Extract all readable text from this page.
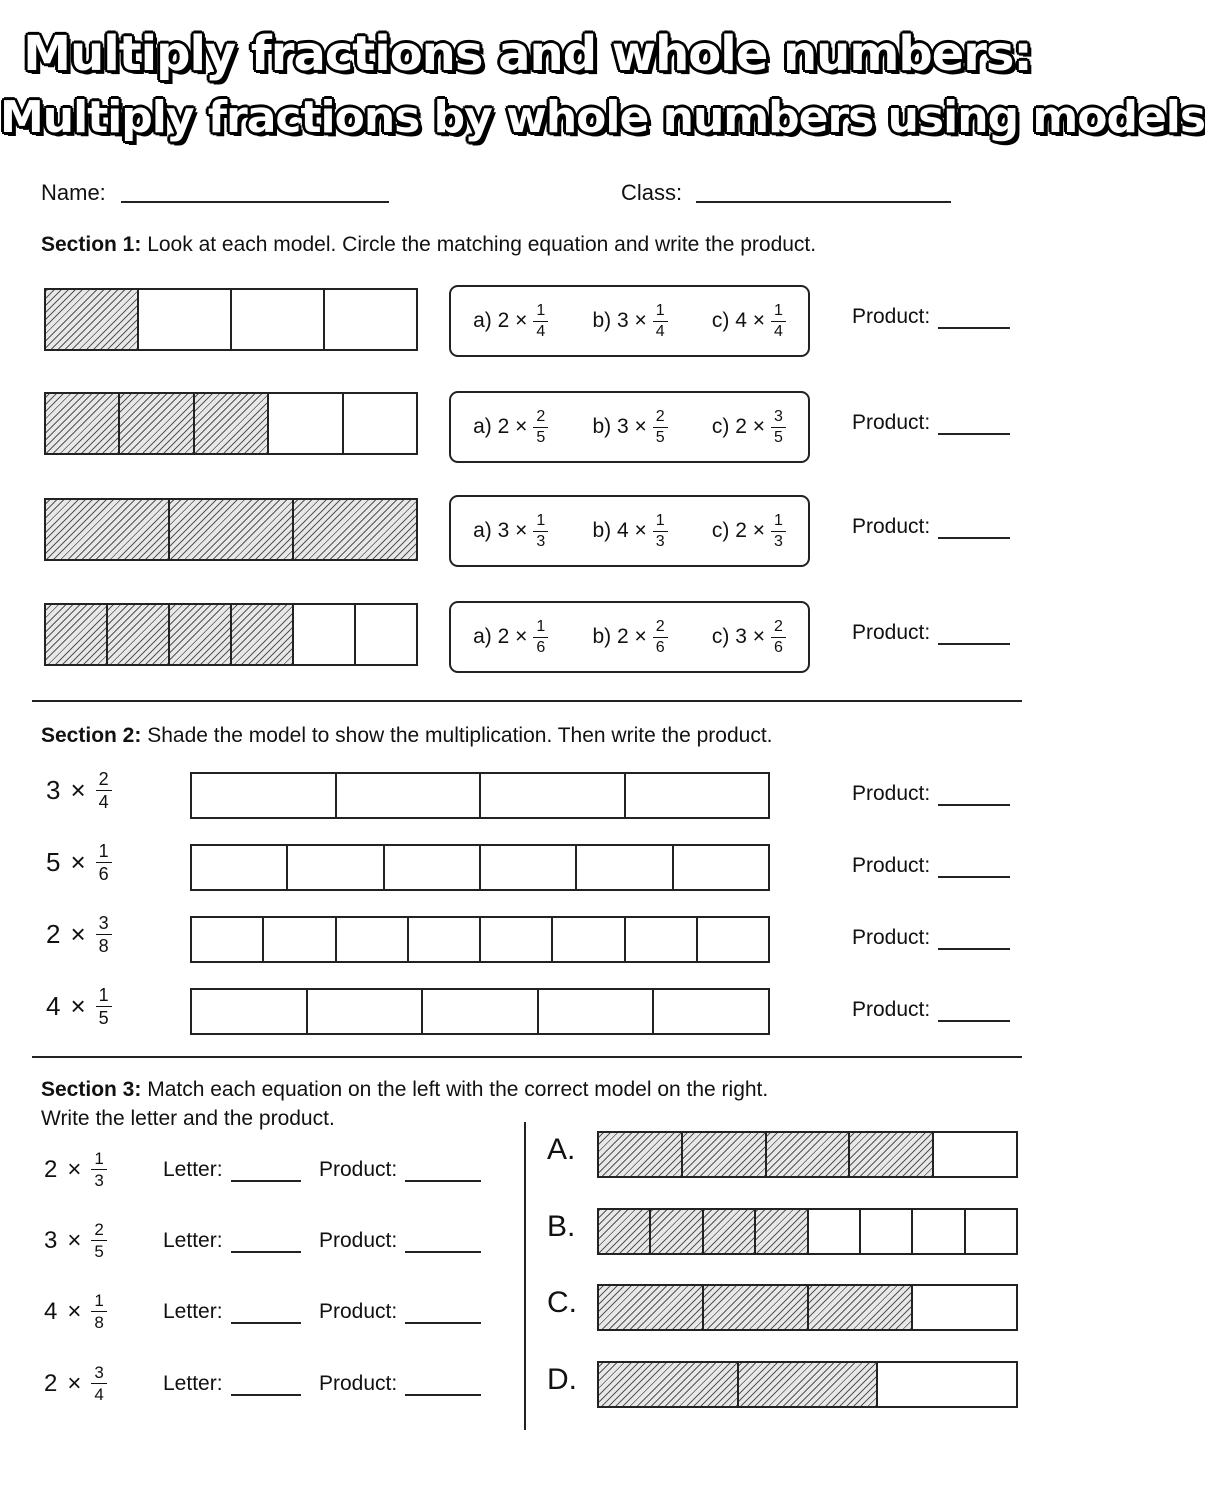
Multiply fractions and whole numbers:
Multiply fractions by whole numbers using models
Name:	Class:
Section 1: Look at each model. Circle the matching equation and write the product.
a) $2 \times \frac{1}{4} b$) $3 \times \frac{1}{4} c$) $4 \times \frac{1}{4}$	Product:
a) $2 \times \frac{2}{5} b$) $3 \times \frac{2}{5} c$) $2 \times \frac{3}{5}$	Product:
a) $3 \times \frac{1}{3} b$) $4 \times \frac{1}{3} c$) $2 \times \frac{1}{3}$	Product:
a) $2 \times \frac{1}{6} b$) $2 \times \frac{2}{6} c$) $3 \times \frac{2}{6}$	Product:
Section 2: Shade the model to show the multiplication. Then write the product.
$3 \times \frac{2}{4}$	Product:
$5 \times \frac{1}{6}$	Product:
$2 \times \frac{3}{8}$	Product:
$4 \times \frac{1}{5}$	Product:
Section 3: Match each equation on the left with the correct model on the right.
Write the letter and the product.
$2 \times \frac{1}{3}$	Letter:	Product:
$3 \times \frac{2}{5}$	Letter:	Product:
$4 \times \frac{1}{8}$	Letter:	Product:
$2 \times \frac{3}{4}$	Letter:	Product:
A.
B.
C.
D.
